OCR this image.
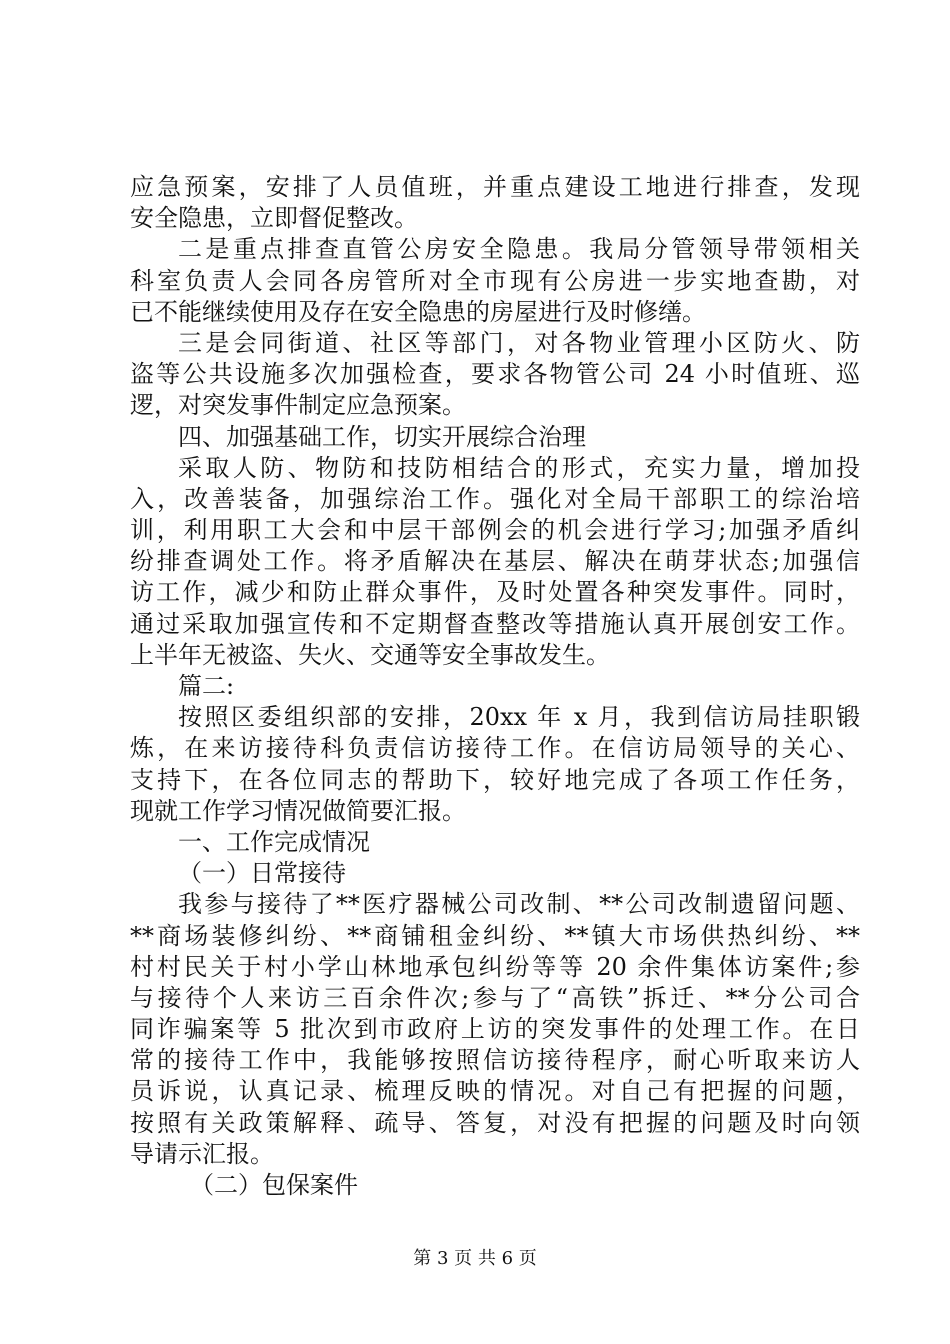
应急预案，安排了人员值班，并重点建设工地进行排查，发现
安全隐患，立即督促整改。
二是重点排查直管公房安全隐患。我局分管领导带领相关
科室负责人会同各房管所对全市现有公房进一步实地查勘，对
已不能继续使用及存在安全隐患的房屋进行及时修缮。
三是会同街道、社区等部门，对各物业管理小区防火、防
盗等公共设施多次加强检查，要求各物管公司 24 小时值班、巡
逻，对突发事件制定应急预案。
四、加强基础工作，切实开展综合治理
采取人防、物防和技防相结合的形式，充实力量，增加投
入，改善装备，加强综治工作。强化对全局干部职工的综治培
训，利用职工大会和中层干部例会的机会进行学习;加强矛盾纠
纷排查调处工作。将矛盾解决在基层、解决在萌芽状态;加强信
访工作，减少和防止群众事件，及时处置各种突发事件。同时，
通过采取加强宣传和不定期督查整改等措施认真开展创安工作。
上半年无被盗、失火、交通等安全事故发生。
篇二:
按照区委组织部的安排，20xx 年 x 月，我到信访局挂职锻
炼，在来访接待科负责信访接待工作。在信访局领导的关心、
支持下，在各位同志的帮助下，较好地完成了各项工作任务，
现就工作学习情况做简要汇报。
一、工作完成情况
（一）日常接待
我参与接待了**医疗器械公司改制、**公司改制遗留问题、
**商场装修纠纷、**商铺租金纠纷、**镇大市场供热纠纷、**
村村民关于村小学山林地承包纠纷等等 20 余件集体访案件;参
与接待个人来访三百余件次;参与了“高铁”拆迁、**分公司合
同诈骗案等 5 批次到市政府上访的突发事件的处理工作。在日
常的接待工作中，我能够按照信访接待程序，耐心听取来访人
员诉说，认真记录、梳理反映的情况。对自己有把握的问题，
按照有关政策解释、疏导、答复，对没有把握的问题及时向领
导请示汇报。
（二）包保案件
第 3 页 共 6 页
